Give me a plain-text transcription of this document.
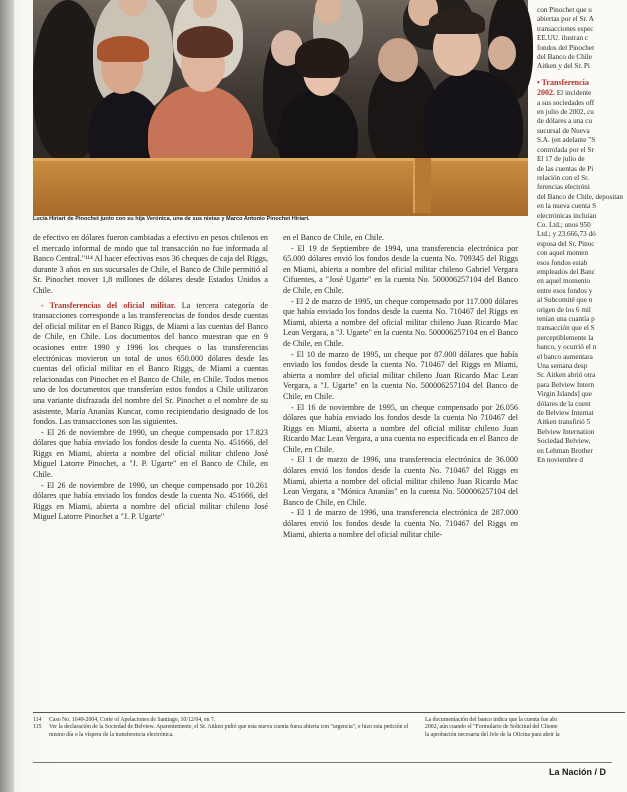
Lucía Hiriart de Pinochet junto con su hija Verónica, una de sus nietas y Marco Antonio Pinochet Hiriart.

de efectivo en dólares fueron cambiadas a efectivo en pesos chilenos en el mercado informal de modo que tal transacción no fue informada al Banco Central."¹¹⁴ Al hacer efectivos esos 36 cheques de caja del Riggs, durante 3 años en sus sucursales de Chile, el Banco de Chile permitió al Sr. Pinochet mover 1,8 millones de dólares desde Estados Unidos a Chile.

- Transferencias del oficial militar. La tercera categoría de transacciones corresponde a las transferencias de fondos desde cuentas del oficial militar en el Banco Riggs, de Miami a las cuentas del Banco de Chile, en Chile. Los documentos del banco muestran que en 9 ocasiones entre 1990 y 1996 los cheques o las transferencias electrónicas movieron un total de unos 650.000 dólares desde las cuentas del oficial militar en el Banco Riggs, de Miami a cuentas relacionadas con Pinochet en el Banco de Chile, en Chile. Todos menos uno de los documentos que transferían estos fondos a Chile utilizaron una variante disfrazada del nombre del Sr. Pinochet o el nombre de su asistente, María Ananías Kuncar, como recipiendario designado de los fondos. Las transacciones son las siguientes.

- El 26 de noviembre de 1990, un cheque compensado por 17.823 dólares que había enviado los fondos desde la cuenta No. 451666, del Riggs en Miami, abierta a nombre del oficial militar chileno José Miguel Latorre Pinochet, a "J. P. Ugarte" en el Banco de Chile, en Chile.

- El 26 de noviembre de 1990, un cheque compensado por 10.261 dólares que había enviado los fondos desde la cuenta No. 451666, del Riggs en Miami, abierta a nombre del oficial militar chileno José Miguel Latorre Pinochet a "J. P. Ugarte"

en el Banco de Chile, en Chile.

- El 19 de Septiembre de 1994, una transferencia electrónica por 65.000 dólares envió los fondos desde la cuenta No. 709345 del Riggs en Miami, abierta a nombre del oficial militar chileno Gabriel Vergara Cifuentes, a "José Ugarte" en la cuenta No. 500006257104 del Banco de Chile, en Chile.

- El 2 de marzo de 1995, un cheque compensado por 117.000 dólares que había enviado los fondos desde la cuenta No. 710467 del Riggs en Miami, abierta a nombre del oficial militar chileno Juan Ricardo Mac Lean Vergara, a "J. Ugarte" en la cuenta No. 500006257104 en el Banco de Chile, en Chile.

- El 10 de marzo de 1995, un cheque por 87.000 dólares que había enviado los fondos desde la cuenta No. 710467 del Riggs en Miami, abierta a nombre del oficial militar chileno Juan Ricardo Mac Lean Vergara, a "J. Ugarte" en la cuenta No. 500006257104 del Banco de Chile, en Chile.

- El 16 de noviembre de 1995, un cheque compensado por 26.056 dólares que había enviado los fondos desde la cuenta No 710467 del Riggs en Miami, abierta a nombre del oficial militar chileno Juan Ricardo Mac Lean Vergara, a una cuenta no especificada en el Banco de Chile, en Chile.

- El 1 de marzo de 1996, una transferencia electrónica de 36.000 dólares envió los fondos desde la cuenta No. 710467 del Riggs en Miami, abierta a nombre del oficial militar chileno Juan Ricardo Mac Lean Vergara, a "Mónica Ananías" en la cuenta No. 500006257104 del Banco de Chile, en Chile.

- El 1 de marzo de 1996, una transferencia electrónica de 287.000 dólares envió los fondos desde la cuenta No. 710467 del Riggs en Miami, abierta a nombre del oficial militar chile-

con Pinochet que u
abiertas por el Sr. A
transacciones espec
EE.UU. ilustran c
fondos del Pinochet
del Banco de Chile
Aitken y del Sr. Pi
• Transferencia
2002. El incidente
a sus sociedades off
en julio de 2002, cu
de dólares a una cu
sucursal de Nueva
S.A. (en adelante "S
controlada por el Sr
El 17 de julio de
de las cuentas de Pi
relación con el Sr.
ferencias electróni
del Banco de Chile, depositan
en la nueva cuenta S
electrónicas incluían
Co. Ltd.; unos 950
Ltd.; y 23.666,73 dó
esposa del Sr. Pinoc
con aquel momen
esos fondos estab
empleados del Banc
en aquel momento
entre esos fondos y
al Subcomité que n
origen de los 6 mil
tenían una cuantía p
transacción que el S
perceptiblemente la
banco, y ocurrió el n
el banco aumentara
Una semana desp
Sr. Aitken abrió otra
para Belview Intern
Virgin Islands] que
dólares de la cuent
de Belview Internat
Aitken transfirió 5
Belview Internation
Sociedad Belview,
en Lehman Brother
En noviembre d
114	Caso No. 1649-2004, Corte of Apelaciones de Santiago, 10/12/04, en 7.
115	Ver la declaración de la Sociedad de Belview. Aparentemente, el Sr. Aitken pidió que esta nueva cuenta fuera abierta con "urgencia", e hizo esta petición el mismo día o la víspera de la transferencia electrónica.
La documentación del banco indica que la cuenta fue abi
2002, aún cuando el "Formulario de Solicitud del Cliente
la aprobación necesaria del Jefe de la Oficina para abrir la
La Nación / D
